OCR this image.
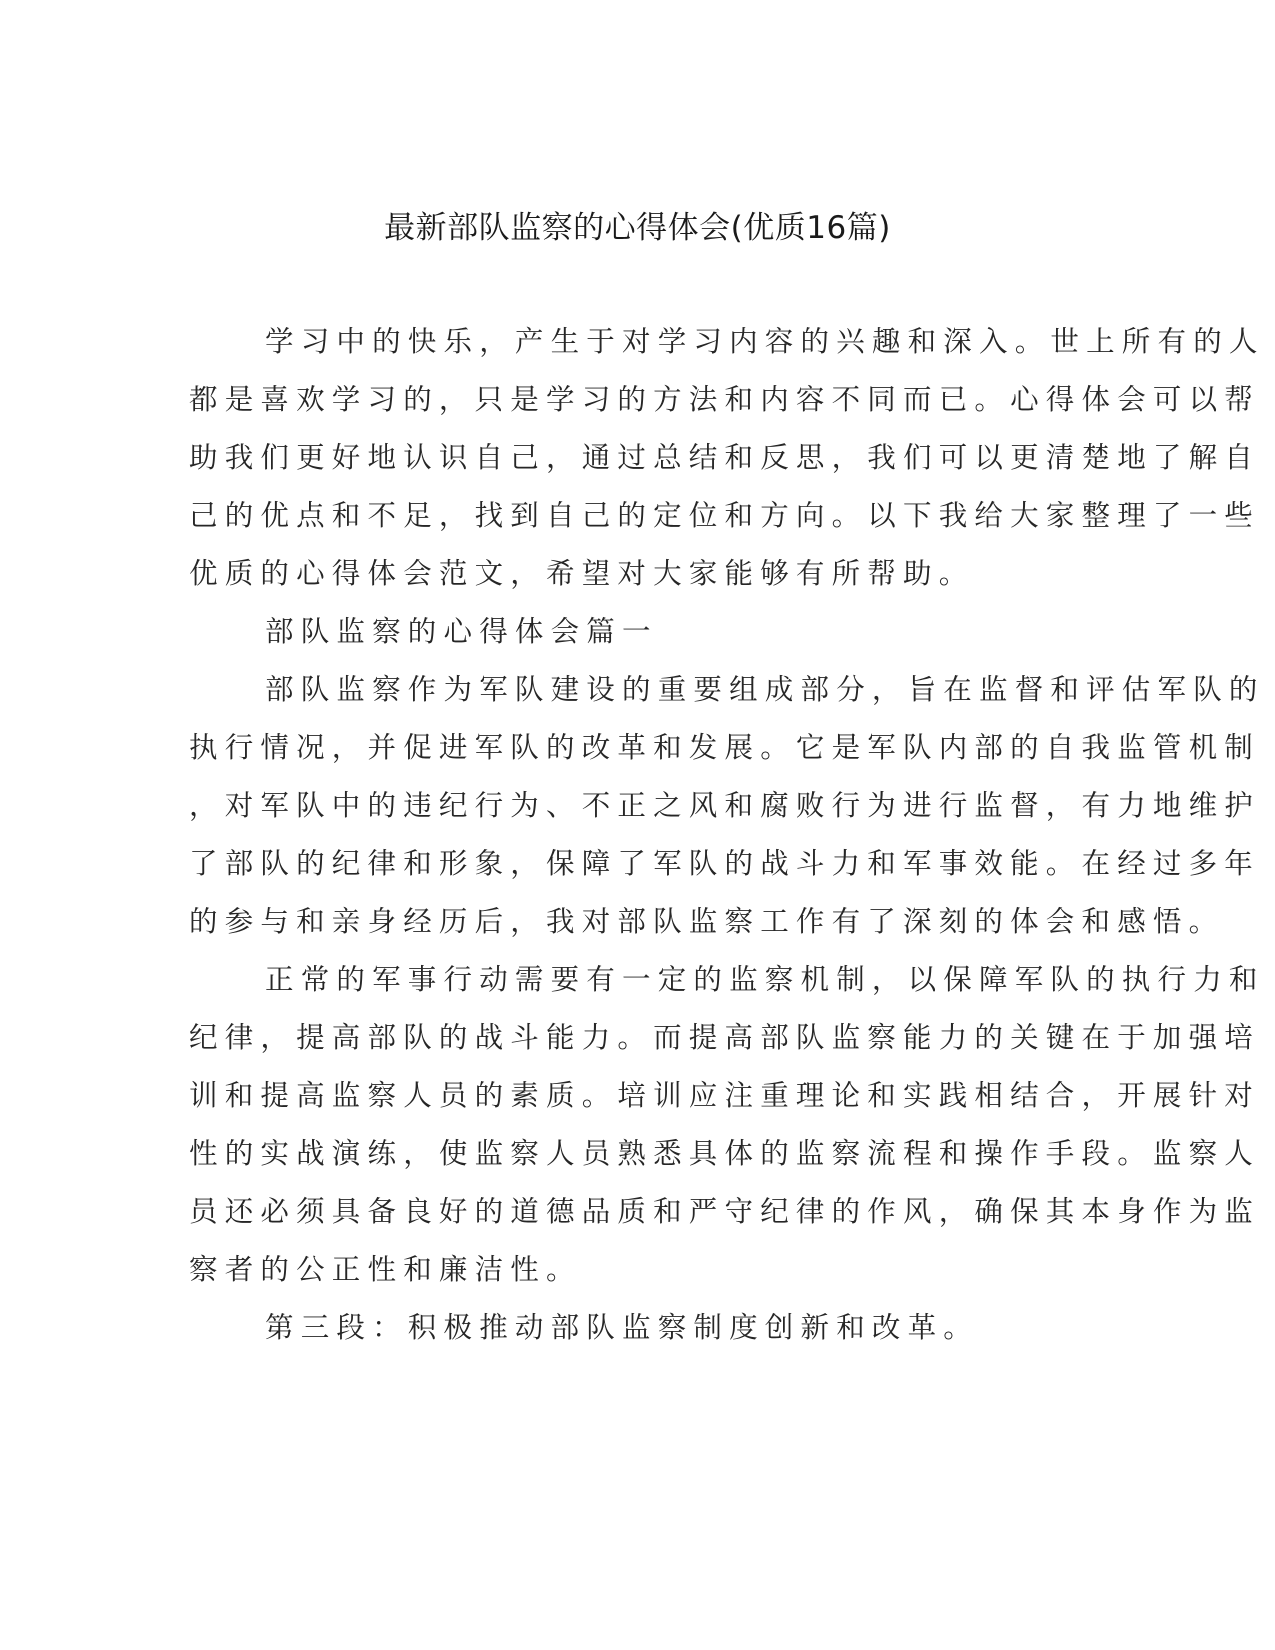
最新部队监察的心得体会(优质16篇)
学习中的快乐，产生于对学习内容的兴趣和深入。世上所有的人
都是喜欢学习的，只是学习的方法和内容不同而已。心得体会可以帮
助我们更好地认识自己，通过总结和反思，我们可以更清楚地了解自
己的优点和不足，找到自己的定位和方向。以下我给大家整理了一些
优质的心得体会范文，希望对大家能够有所帮助。
部队监察的心得体会篇一
部队监察作为军队建设的重要组成部分，旨在监督和评估军队的
执行情况，并促进军队的改革和发展。它是军队内部的自我监管机制
，对军队中的违纪行为、不正之风和腐败行为进行监督，有力地维护
了部队的纪律和形象，保障了军队的战斗力和军事效能。在经过多年
的参与和亲身经历后，我对部队监察工作有了深刻的体会和感悟。
正常的军事行动需要有一定的监察机制，以保障军队的执行力和
纪律，提高部队的战斗能力。而提高部队监察能力的关键在于加强培
训和提高监察人员的素质。培训应注重理论和实践相结合，开展针对
性的实战演练，使监察人员熟悉具体的监察流程和操作手段。监察人
员还必须具备良好的道德品质和严守纪律的作风，确保其本身作为监
察者的公正性和廉洁性。
第三段：积极推动部队监察制度创新和改革。
